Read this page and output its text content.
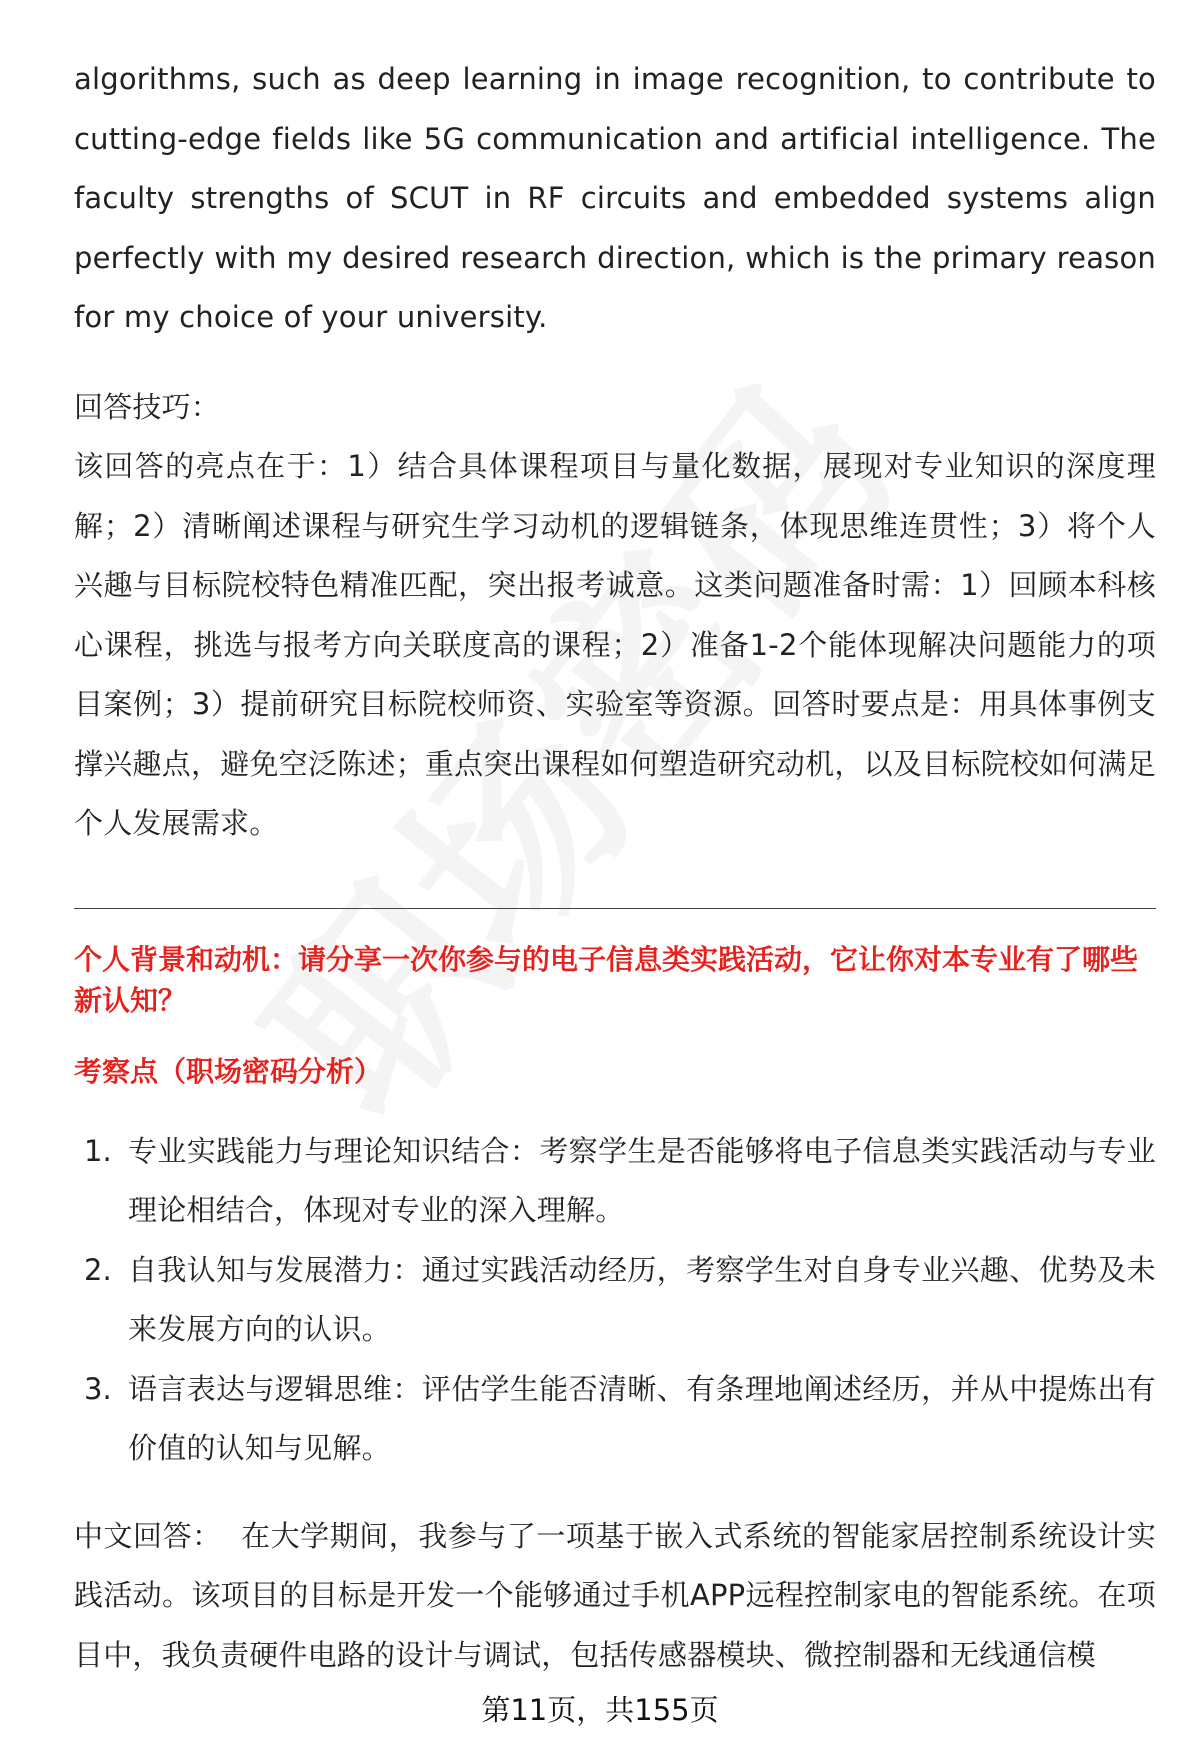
algorithms, such as deep learning in image recognition, to contribute to cutting-edge fields like 5G communication and artificial intelligence. The faculty strengths of SCUT in RF circuits and embedded systems align perfectly with my desired research direction, which is the primary reason for my choice of your university.

回答技巧：

该回答的亮点在于：1）结合具体课程项目与量化数据，展现对专业知识的深度理解；2）清晰阐述课程与研究生学习动机的逻辑链条，体现思维连贯性；3）将个人兴趣与目标院校特色精准匹配，突出报考诚意。这类问题准备时需：1）回顾本科核心课程，挑选与报考方向关联度高的课程；2）准备1-2个能体现解决问题能力的项目案例；3）提前研究目标院校师资、实验室等资源。回答时要点是：用具体事例支撑兴趣点，避免空泛陈述；重点突出课程如何塑造研究动机，以及目标院校如何满足个人发展需求。

个人背景和动机：请分享一次你参与的电子信息类实践活动，它让你对本专业有了哪些新认知？

考察点（职场密码分析）

1. 专业实践能力与理论知识结合：考察学生是否能够将电子信息类实践活动与专业理论相结合，体现对专业的深入理解。

2. 自我认知与发展潜力：通过实践活动经历，考察学生对自身专业兴趣、优势及未来发展方向的认识。

3. 语言表达与逻辑思维：评估学生能否清晰、有条理地阐述经历，并从中提炼出有价值的认知与见解。

中文回答： 在大学期间，我参与了一项基于嵌入式系统的智能家居控制系统设计实践活动。该项目的目标是开发一个能够通过手机APP远程控制家电的智能系统。在项目中，我负责硬件电路的设计与调试，包括传感器模块、微控制器和无线通信模

第11页，共155页
